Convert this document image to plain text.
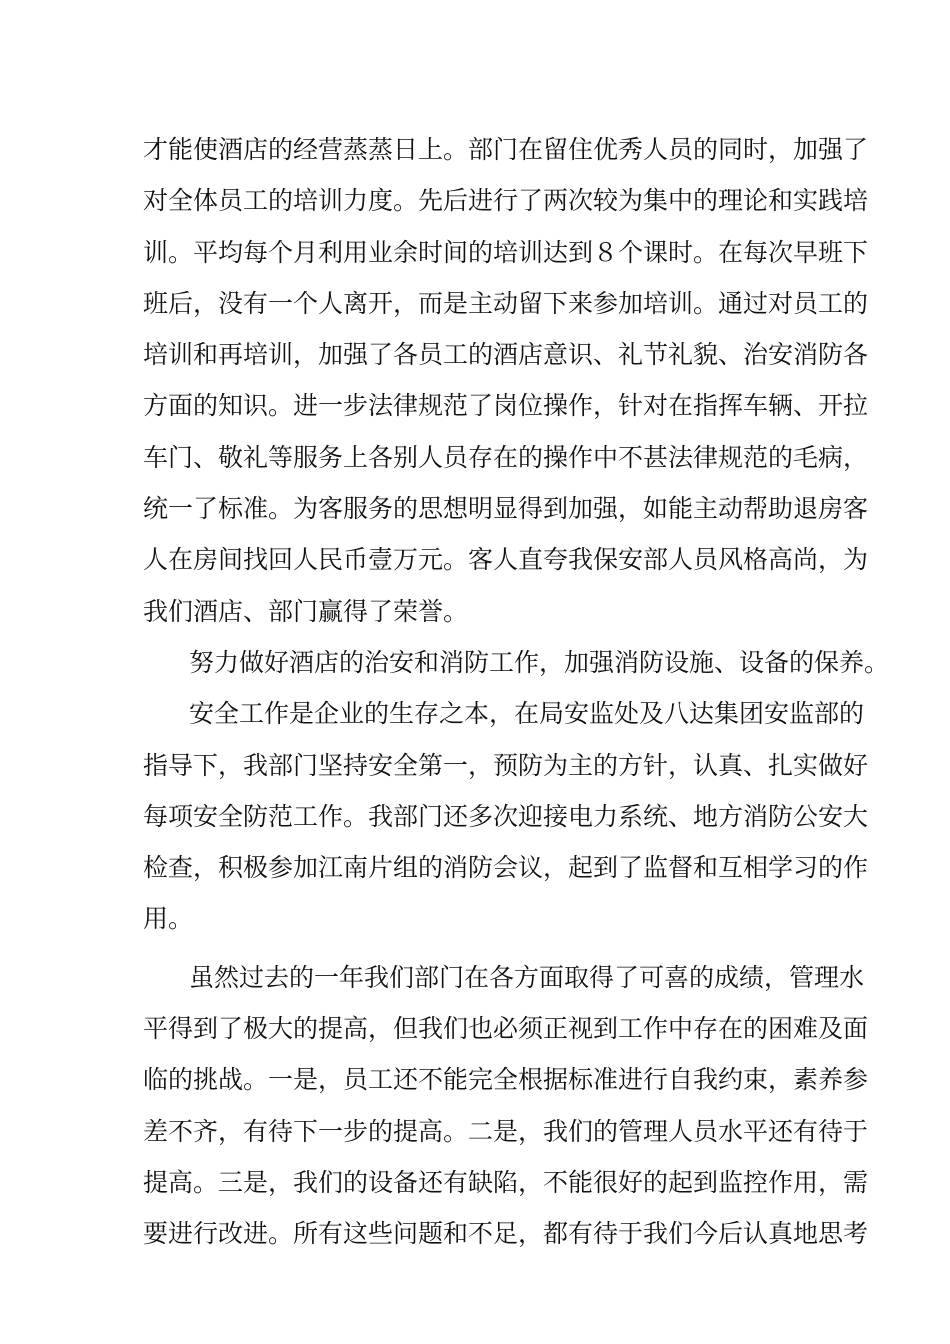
才能使酒店的经营蒸蒸日上。部门在留住优秀人员的同时，加强了
对全体员工的培训力度。先后进行了两次较为集中的理论和实践培
训。平均每个月利用业余时间的培训达到８个课时。在每次早班下
班后，没有一个人离开，而是主动留下来参加培训。通过对员工的
培训和再培训，加强了各员工的酒店意识、礼节礼貌、治安消防各
方面的知识。进一步法律规范了岗位操作，针对在指挥车辆、开拉
车门、敬礼等服务上各别人员存在的操作中不甚法律规范的毛病，
统一了标准。为客服务的思想明显得到加强，如能主动帮助退房客
人在房间找回人民币壹万元。客人直夸我保安部人员风格高尚，为
我们酒店、部门赢得了荣誉。
努力做好酒店的治安和消防工作，加强消防设施、设备的保养。
安全工作是企业的生存之本，在局安监处及八达集团安监部的
指导下，我部门坚持安全第一，预防为主的方针，认真、扎实做好
每项安全防范工作。我部门还多次迎接电力系统、地方消防公安大
检查，积极参加江南片组的消防会议，起到了监督和互相学习的作
用。
虽然过去的一年我们部门在各方面取得了可喜的成绩，管理水
平得到了极大的提高，但我们也必须正视到工作中存在的困难及面
临的挑战。一是，员工还不能完全根据标准进行自我约束，素养参
差不齐，有待下一步的提高。二是，我们的管理人员水平还有待于
提高。三是，我们的设备还有缺陷，不能很好的起到监控作用，需
要进行改进。所有这些问题和不足，都有待于我们今后认真地思考
